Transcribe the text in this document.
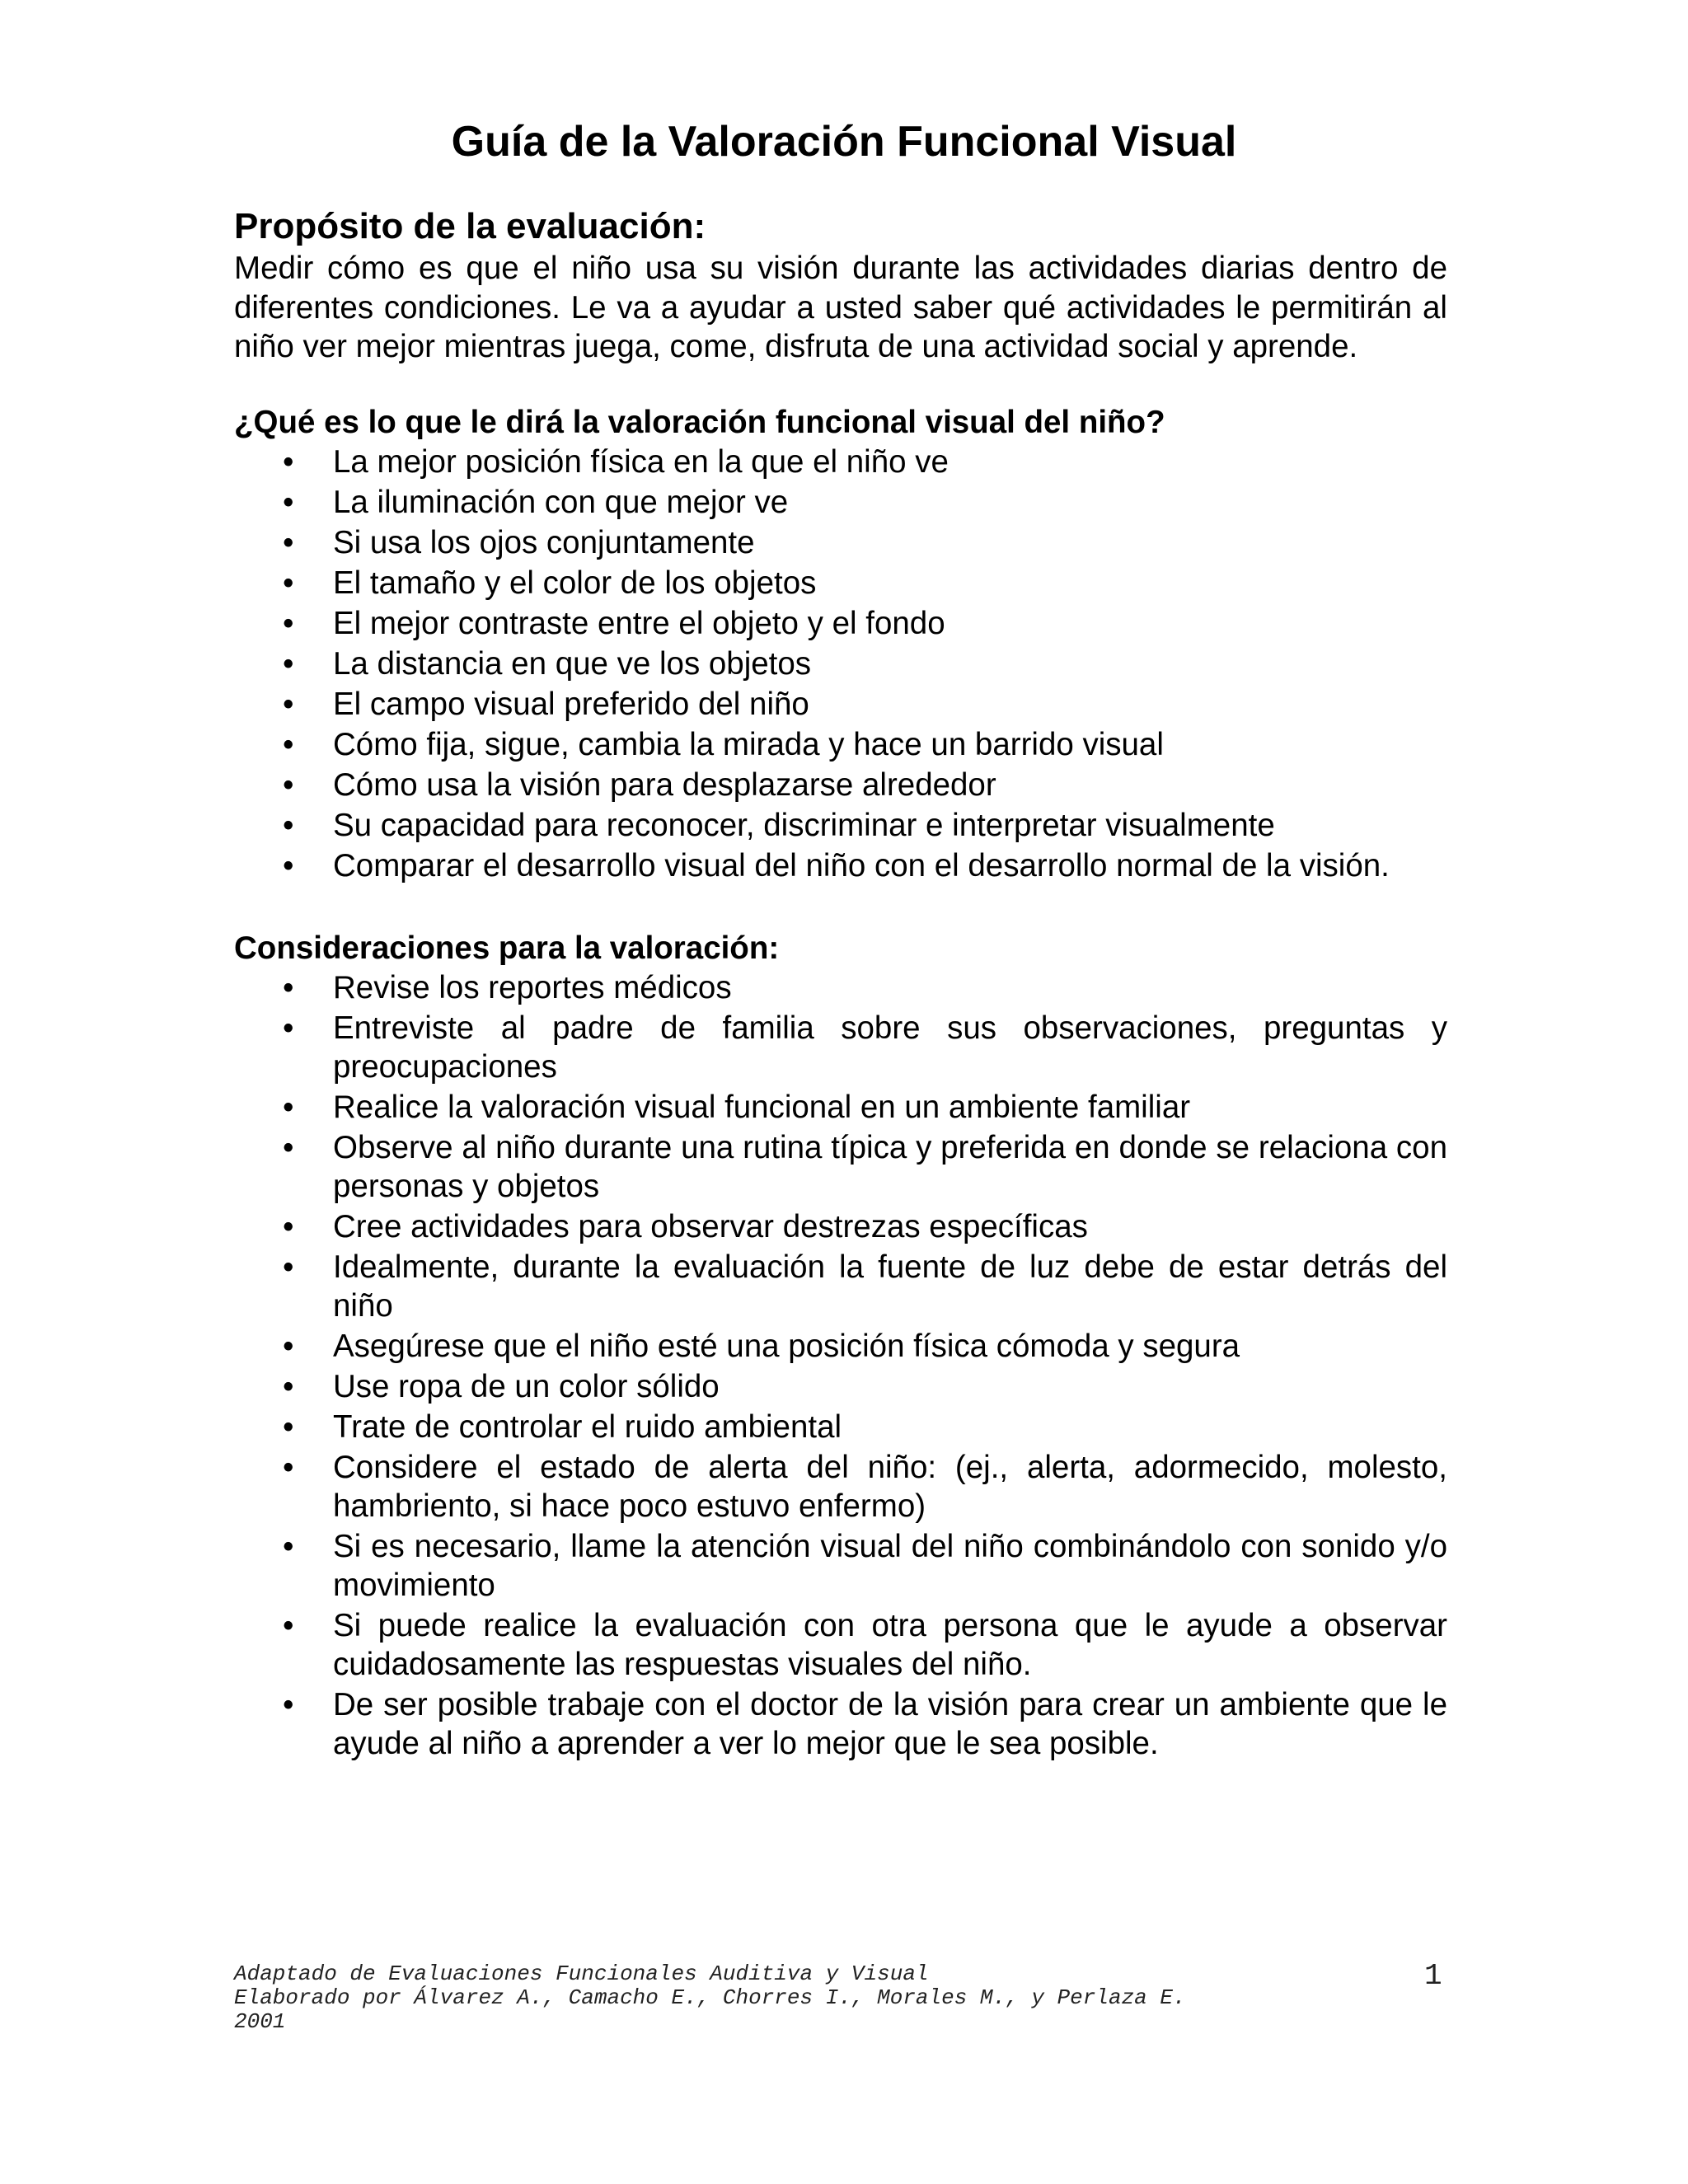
Guía de la Valoración Funcional Visual
Propósito de la evaluación:

Medir cómo es que el niño usa su visión durante las actividades diarias dentro de diferentes condiciones. Le va a ayudar a usted saber qué actividades le permitirán al niño ver mejor mientras juega, come, disfruta de una actividad social y aprende.

¿Qué es lo que le dirá la valoración funcional visual del niño?
• La mejor posición física en la que el niño ve
• La iluminación con que mejor ve
• Si usa los ojos conjuntamente
• El tamaño y el color de los objetos
• El mejor contraste entre el objeto y el fondo
• La distancia en que ve los objetos
• El campo visual preferido del niño
• Cómo fija, sigue, cambia la mirada y hace un barrido visual
• Cómo usa la visión para desplazarse alrededor
• Su capacidad para reconocer, discriminar e interpretar visualmente
• Comparar el desarrollo visual del niño con el desarrollo normal de la visión.
Consideraciones para la valoración:
• Revise los reportes médicos
• Entreviste al padre de familia sobre sus observaciones, preguntas y preocupaciones
• Realice la valoración visual funcional en un ambiente familiar
• Observe al niño durante una rutina típica y preferida en donde se relaciona con personas y objetos
• Cree actividades para observar destrezas específicas
• Idealmente, durante la evaluación la fuente de luz debe de estar detrás del niño
• Asegúrese que el niño esté una posición física cómoda y segura
• Use ropa de un color sólido
• Trate de controlar el ruido ambiental
• Considere el estado de alerta del niño: (ej., alerta, adormecido, molesto, hambriento, si hace poco estuvo enfermo)
• Si es necesario, llame la atención visual del niño combinándolo con sonido y/o movimiento
• Si puede realice la evaluación con otra persona que le ayude a observar cuidadosamente las respuestas visuales del niño.
• De ser posible trabaje con el doctor de la visión para crear un ambiente que le ayude al niño a aprender a ver lo mejor que le sea posible.
Adaptado de Evaluaciones Funcionales Auditiva y Visual
Elaborado por Álvarez A., Camacho E., Chorres I., Morales M., y Perlaza E.
2001
1
